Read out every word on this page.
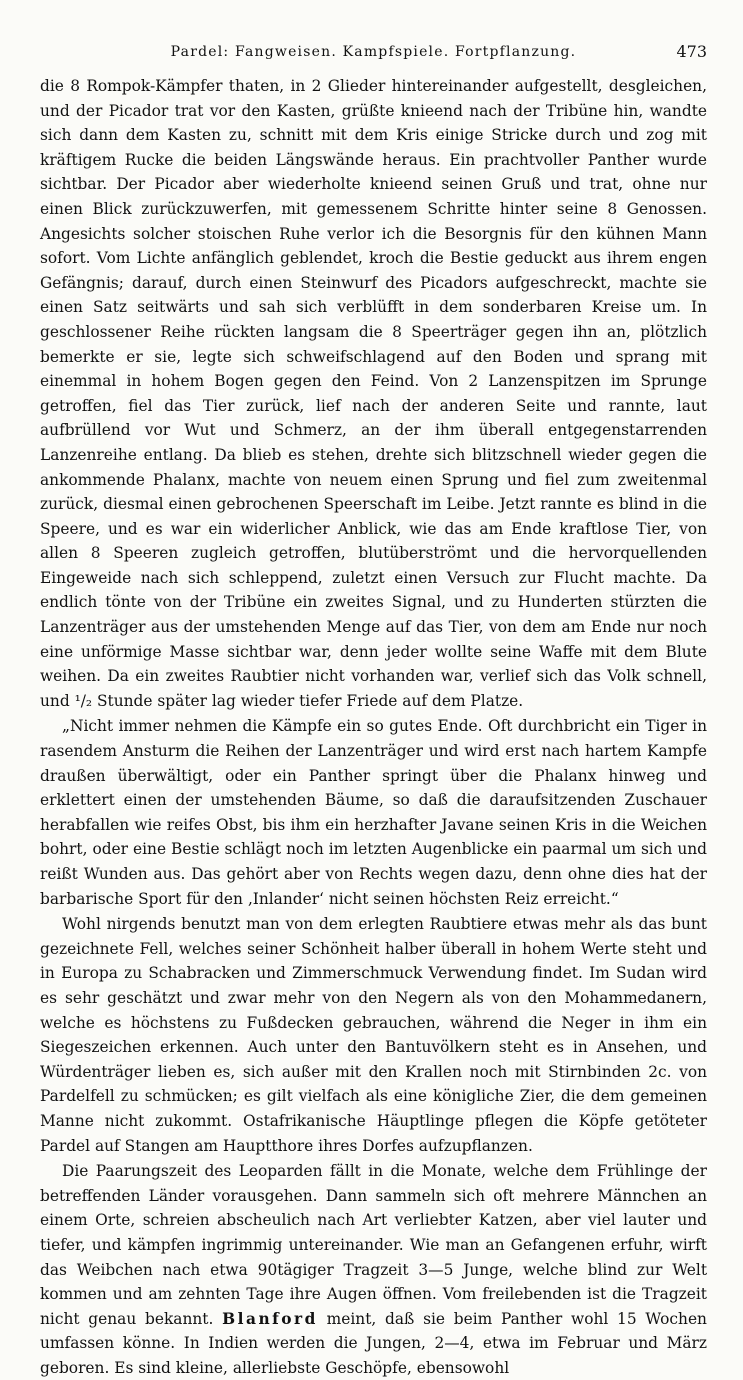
Pardel: Fangweisen. Kampfspiele. Fortpflanzung.	473

die 8 Rompok-Kämpfer thaten, in 2 Glieder hintereinander aufgestellt, desgleichen, und der Picador trat vor den Kasten, grüßte knieend nach der Tribüne hin, wandte sich dann dem Kasten zu, schnitt mit dem Kris einige Stricke durch und zog mit kräftigem Rucke die beiden Längswände heraus. Ein prachtvoller Panther wurde sichtbar. Der Picador aber wiederholte knieend seinen Gruß und trat, ohne nur einen Blick zurückzuwerfen, mit gemessenem Schritte hinter seine 8 Genossen. Angesichts solcher stoischen Ruhe verlor ich die Besorgnis für den kühnen Mann sofort. Vom Lichte anfänglich geblendet, kroch die Bestie geduckt aus ihrem engen Gefängnis; darauf, durch einen Steinwurf des Picadors aufgeschreckt, machte sie einen Satz seitwärts und sah sich verblüfft in dem sonderbaren Kreise um. In geschlossener Reihe rückten langsam die 8 Speerträger gegen ihn an, plötzlich bemerkte er sie, legte sich schweifschlagend auf den Boden und sprang mit einemmal in hohem Bogen gegen den Feind. Von 2 Lanzenspitzen im Sprunge getroffen, fiel das Tier zurück, lief nach der anderen Seite und rannte, laut aufbrüllend vor Wut und Schmerz, an der ihm überall entgegenstarrenden Lanzenreihe entlang. Da blieb es stehen, drehte sich blitzschnell wieder gegen die ankommende Phalanx, machte von neuem einen Sprung und fiel zum zweitenmal zurück, diesmal einen gebrochenen Speerschaft im Leibe. Jetzt rannte es blind in die Speere, und es war ein widerlicher Anblick, wie das am Ende kraftlose Tier, von allen 8 Speeren zugleich getroffen, blutüberströmt und die hervorquellenden Eingeweide nach sich schleppend, zuletzt einen Versuch zur Flucht machte. Da endlich tönte von der Tribüne ein zweites Signal, und zu Hunderten stürzten die Lanzenträger aus der umstehenden Menge auf das Tier, von dem am Ende nur noch eine unförmige Masse sichtbar war, denn jeder wollte seine Waffe mit dem Blute weihen. Da ein zweites Raubtier nicht vorhanden war, verlief sich das Volk schnell, und ¹/₂ Stunde später lag wieder tiefer Friede auf dem Platze.

„Nicht immer nehmen die Kämpfe ein so gutes Ende. Oft durchbricht ein Tiger in rasendem Ansturm die Reihen der Lanzenträger und wird erst nach hartem Kampfe draußen überwältigt, oder ein Panther springt über die Phalanx hinweg und erklettert einen der umstehenden Bäume, so daß die daraufsitzenden Zuschauer herabfallen wie reifes Obst, bis ihm ein herzhafter Javane seinen Kris in die Weichen bohrt, oder eine Bestie schlägt noch im letzten Augenblicke ein paarmal um sich und reißt Wunden aus. Das gehört aber von Rechts wegen dazu, denn ohne dies hat der barbarische Sport für den ‚Inlander‘ nicht seinen höchsten Reiz erreicht.“

Wohl nirgends benutzt man von dem erlegten Raubtiere etwas mehr als das bunt gezeichnete Fell, welches seiner Schönheit halber überall in hohem Werte steht und in Europa zu Schabracken und Zimmerschmuck Verwendung findet. Im Sudan wird es sehr geschätzt und zwar mehr von den Negern als von den Mohammedanern, welche es höchstens zu Fußdecken gebrauchen, während die Neger in ihm ein Siegeszeichen erkennen. Auch unter den Bantuvölkern steht es in Ansehen, und Würdenträger lieben es, sich außer mit den Krallen noch mit Stirnbinden 2c. von Pardelfell zu schmücken; es gilt vielfach als eine königliche Zier, die dem gemeinen Manne nicht zukommt. Ostafrikanische Häuptlinge pflegen die Köpfe getöteter Pardel auf Stangen am Hauptthore ihres Dorfes aufzupflanzen.

Die Paarungszeit des Leoparden fällt in die Monate, welche dem Frühlinge der betreffenden Länder vorausgehen. Dann sammeln sich oft mehrere Männchen an einem Orte, schreien abscheulich nach Art verliebter Katzen, aber viel lauter und tiefer, und kämpfen ingrimmig untereinander. Wie man an Gefangenen erfuhr, wirft das Weibchen nach etwa 90tägiger Tragzeit 3—5 Junge, welche blind zur Welt kommen und am zehnten Tage ihre Augen öffnen. Vom freilebenden ist die Tragzeit nicht genau bekannt. Blanford meint, daß sie beim Panther wohl 15 Wochen umfassen könne. In Indien werden die Jungen, 2—4, etwa im Februar und März geboren. Es sind kleine, allerliebste Geschöpfe, ebensowohl
